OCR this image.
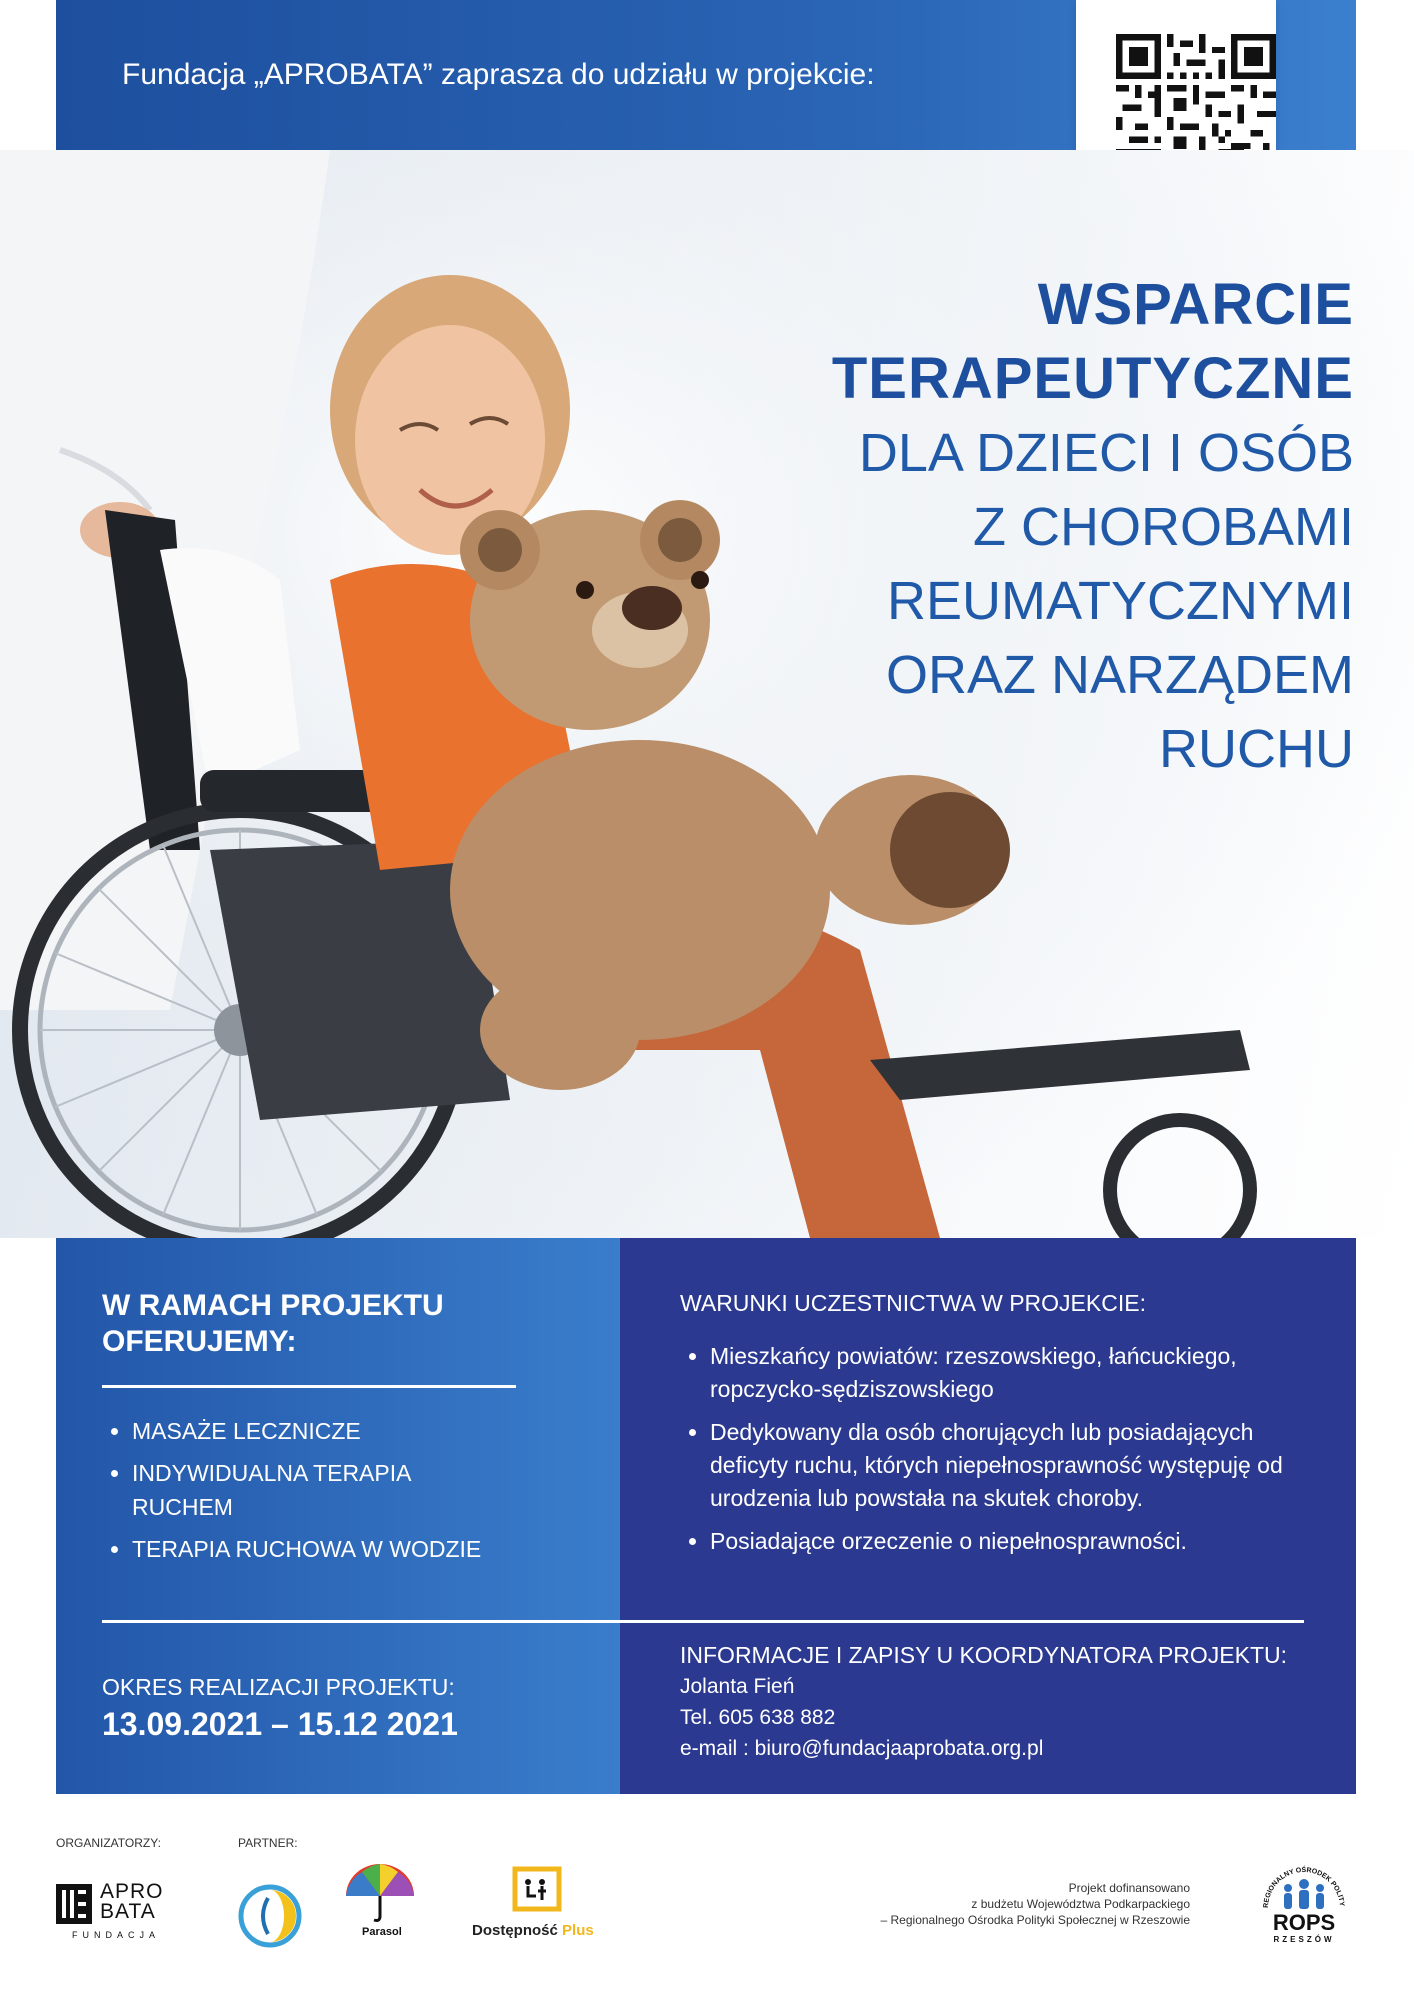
Fundacja „APROBATA” zaprasza do udziału w projekcie:
WSPARCIE
TERAPEUTYCZNE
DLA DZIECI I OSÓB
Z CHOROBAMI
REUMATYCZNYMI
ORAZ NARZĄDEM
RUCHU
W RAMACH PROJEKTU
OFERUJEMY:
• MASAŻE LECZNICZE
• INDYWIDUALNA TERAPIA RUCHEM
• TERAPIA RUCHOWA W WODZIE
WARUNKI UCZESTNICTWA W PROJEKCIE:
• Mieszkańcy powiatów: rzeszowskiego, łańcuckiego, ropczycko-sędziszowskiego
• Dedykowany dla osób chorujących lub posiadających deficyty ruchu, których niepełnosprawność występuję od urodzenia lub powstała na skutek choroby.
• Posiadające orzeczenie o niepełnosprawności.
OKRES REALIZACJI PROJEKTU:
13.09.2021 – 15.12 2021
INFORMACJE I ZAPISY U KOORDYNATORA PROJEKTU:
Jolanta Fień
Tel. 605 638 882
e-mail : biuro@fundacjaaprobata.org.pl
ORGANIZATORZY:	PARTNER:
APRO
BATA
FUNDACJA	Parasol	Dostępność Plus
Projekt dofinansowano
z budżetu Województwa Podkarpackiego
– Regionalnego Ośrodka Polityki Społecznej w Rzeszowie
REGIONALNY OŚRODEK POLITY
ROPS
RZESZÓW
